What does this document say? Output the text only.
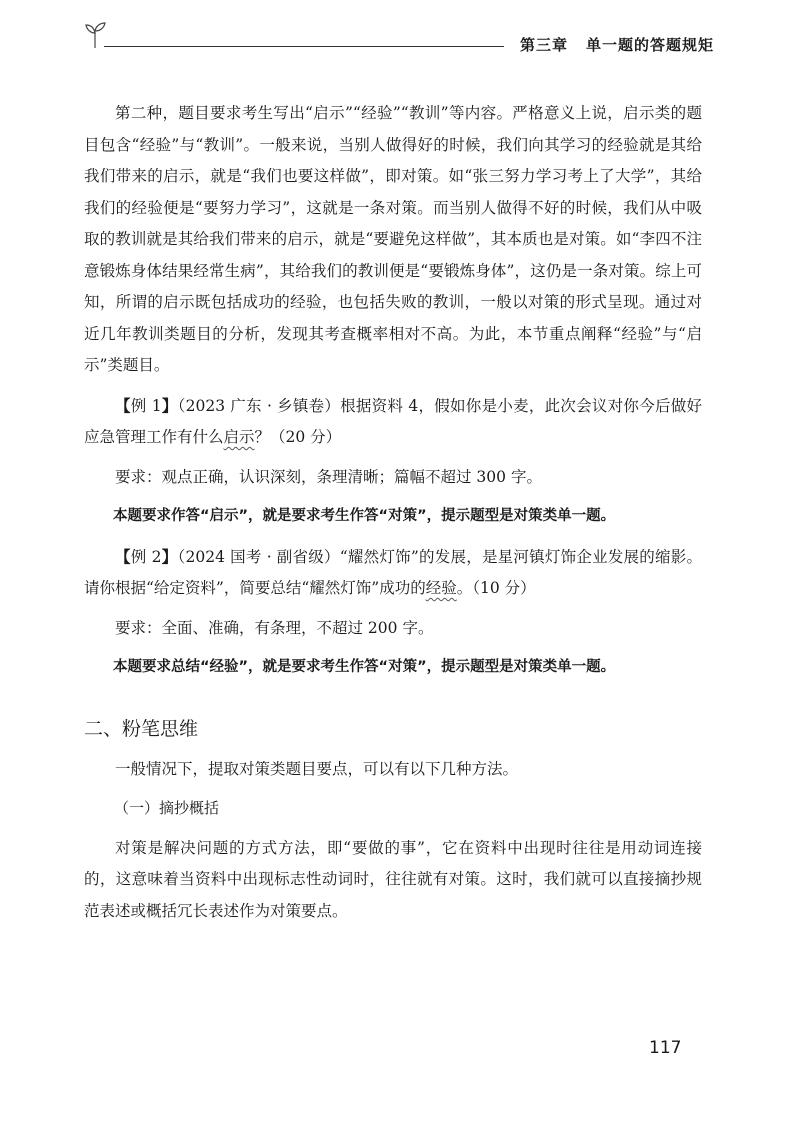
第三章 单一题的答题规矩

第二种，题目要求考生写出“启示”“经验”“教训”等内容。严格意义上说，启示类的题目包含“经验”与“教训”。一般来说，当别人做得好的时候，我们向其学习的经验就是其给我们带来的启示，就是“我们也要这样做”，即对策。如“张三努力学习考上了大学”，其给我们的经验便是“要努力学习”，这就是一条对策。而当别人做得不好的时候，我们从中吸取的教训就是其给我们带来的启示，就是“要避免这样做”，其本质也是对策。如“李四不注意锻炼身体结果经常生病”，其给我们的教训便是“要锻炼身体”，这仍是一条对策。综上可知，所谓的启示既包括成功的经验，也包括失败的教训，一般以对策的形式呈现。通过对近几年教训类题目的分析，发现其考查概率相对不高。为此，本节重点阐释“经验”与“启示”类题目。

【例 1】（2023 广东 · 乡镇卷）根据资料 4，假如你是小麦，此次会议对你今后做好应急管理工作有什么启示？（20 分）

要求：观点正确，认识深刻，条理清晰；篇幅不超过 300 字。

本题要求作答“启示”，就是要求考生作答“对策”，提示题型是对策类单一题。

【例 2】（2024 国考 · 副省级）“耀然灯饰”的发展，是星河镇灯饰企业发展的缩影。请你根据“给定资料”，简要总结“耀然灯饰”成功的经验。（10 分）

要求：全面、准确，有条理，不超过 200 字。

本题要求总结“经验”，就是要求考生作答“对策”，提示题型是对策类单一题。

二、粉笔思维

一般情况下，提取对策类题目要点，可以有以下几种方法。

（一）摘抄概括

对策是解决问题的方式方法，即“要做的事”，它在资料中出现时往往是用动词连接的，这意味着当资料中出现标志性动词时，往往就有对策。这时，我们就可以直接摘抄规范表述或概括冗长表述作为对策要点。

117
